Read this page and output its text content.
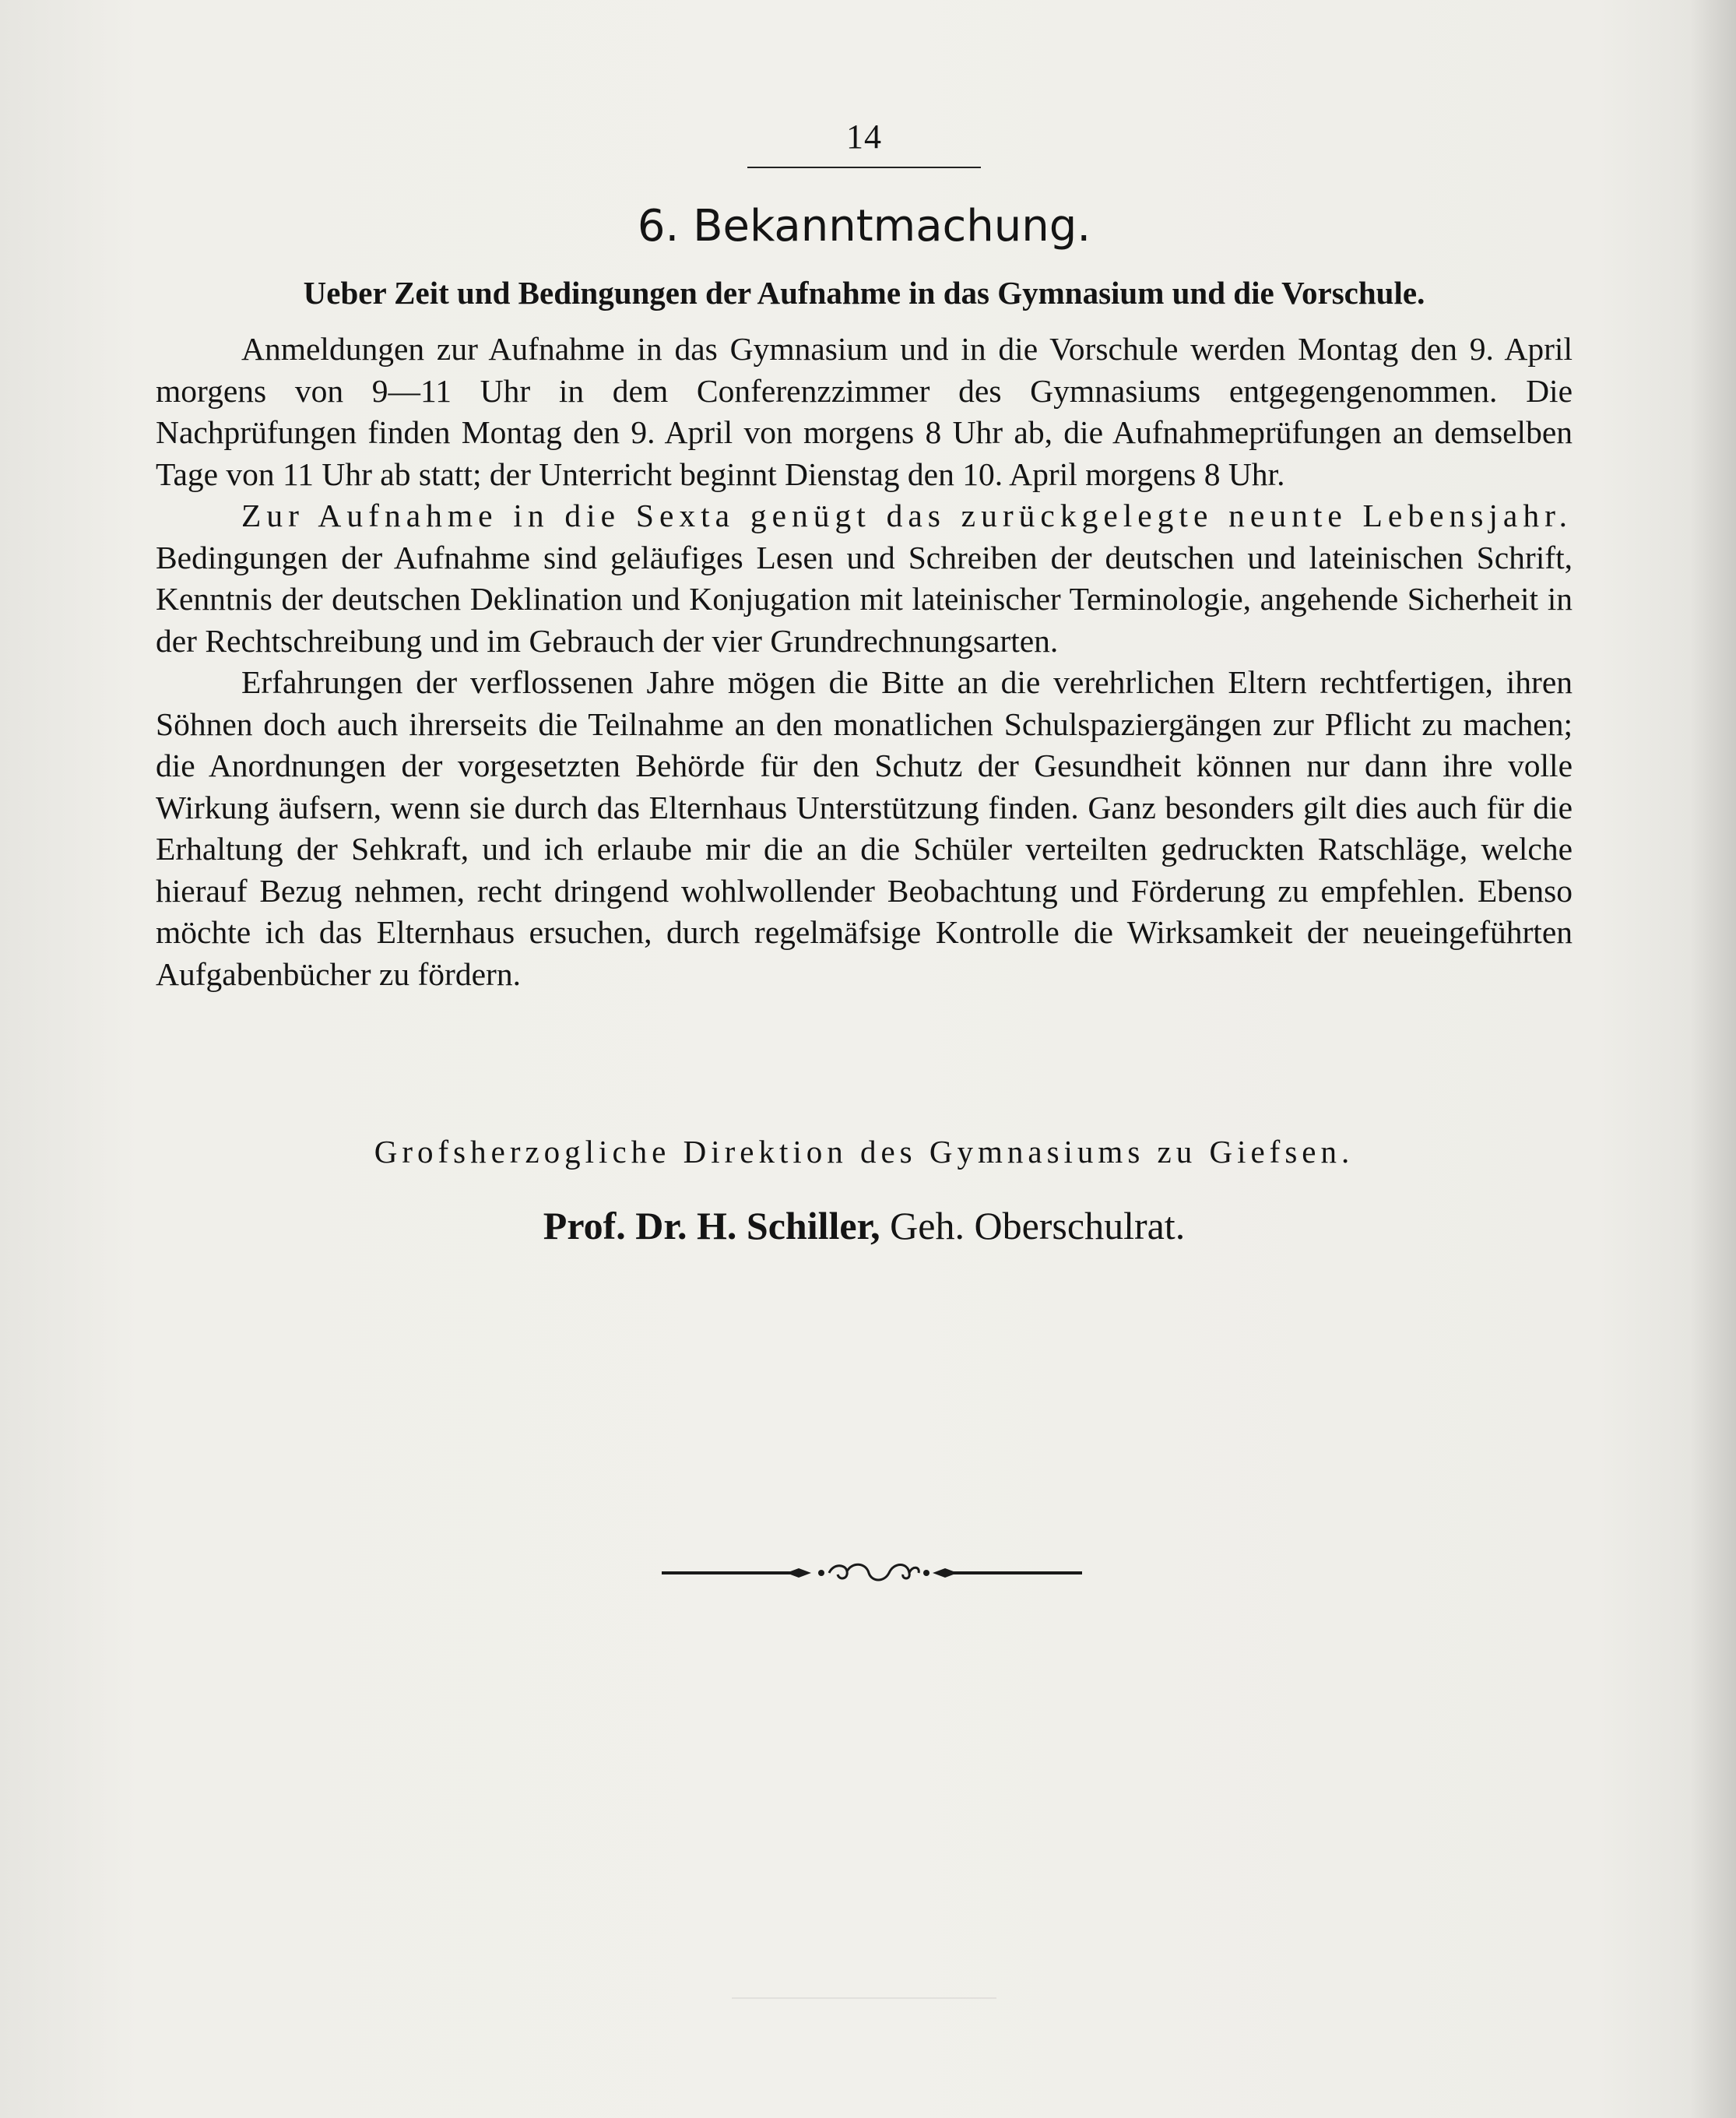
14
6. Bekanntmachung.
Ueber Zeit und Bedingungen der Aufnahme in das Gymnasium und die Vorschule.

Anmeldungen zur Aufnahme in das Gymnasium und in die Vorschule werden Montag den 9. April morgens von 9—11 Uhr in dem Conferenzzimmer des Gymnasiums entgegengenommen. Die Nachprüfungen finden Montag den 9. April von morgens 8 Uhr ab, die Aufnahmeprüfungen an demselben Tage von 11 Uhr ab statt; der Unterricht beginnt Dienstag den 10. April morgens 8 Uhr.

Zur Aufnahme in die Sexta genügt das zurückgelegte neunte Lebensjahr. Bedingungen der Aufnahme sind geläufiges Lesen und Schreiben der deutschen und lateinischen Schrift, Kenntnis der deutschen Deklination und Konjugation mit lateinischer Terminologie, angehende Sicherheit in der Rechtschreibung und im Gebrauch der vier Grundrechnungsarten.

Erfahrungen der verflossenen Jahre mögen die Bitte an die verehrlichen Eltern rechtfertigen, ihren Söhnen doch auch ihrerseits die Teilnahme an den monatlichen Schulspaziergängen zur Pflicht zu machen; die Anordnungen der vorgesetzten Behörde für den Schutz der Gesundheit können nur dann ihre volle Wirkung äufsern, wenn sie durch das Elternhaus Unterstützung finden. Ganz besonders gilt dies auch für die Erhaltung der Sehkraft, und ich erlaube mir die an die Schüler verteilten gedruckten Ratschläge, welche hierauf Bezug nehmen, recht dringend wohlwollender Beobachtung und Förderung zu empfehlen. Ebenso möchte ich das Elternhaus ersuchen, durch regelmäfsige Kontrolle die Wirksamkeit der neueingeführten Aufgabenbücher zu fördern.

Grofsherzogliche Direktion des Gymnasiums zu Giefsen.
Prof. Dr. H. Schiller, Geh. Oberschulrat.
